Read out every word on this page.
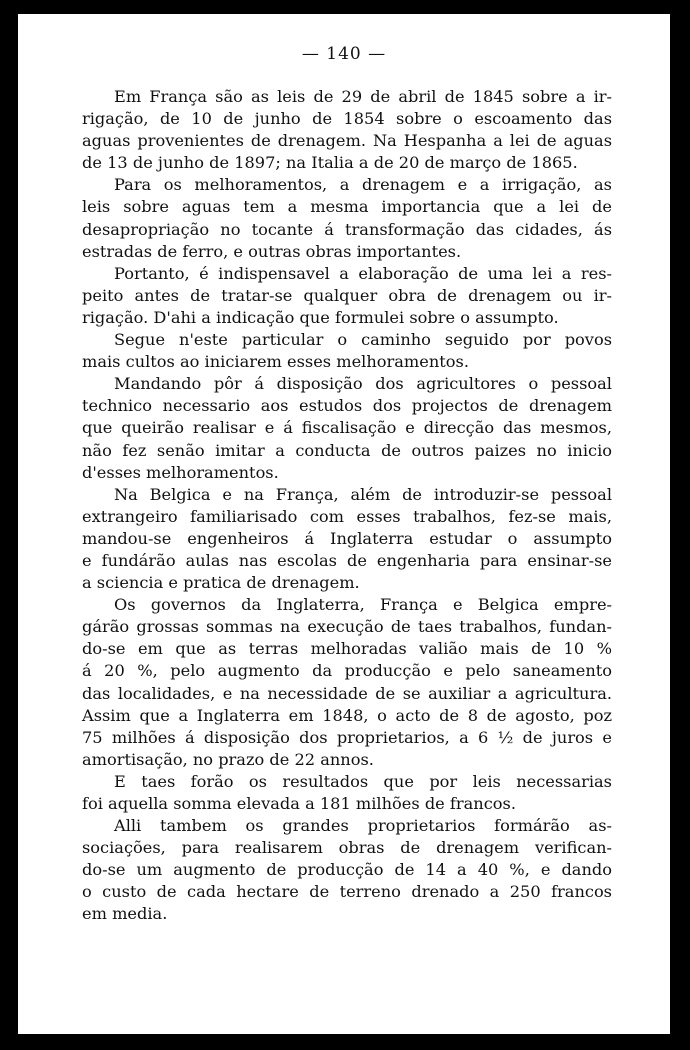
— 140 —
Em França são as leis de 29 de abril de 1845 sobre a ir-
rigação, de 10 de junho de 1854 sobre o escoamento das
aguas provenientes de drenagem. Na Hespanha a lei de aguas
de 13 de junho de 1897; na Italia a de 20 de março de 1865.
Para os melhoramentos, a drenagem e a irrigação, as
leis sobre aguas tem a mesma importancia que a lei de
desapropriação no tocante á transformação das cidades, ás
estradas de ferro, e outras obras importantes.
Portanto, é indispensavel a elaboração de uma lei a res-
peito antes de tratar-se qualquer obra de drenagem ou ir-
rigação. D'ahi a indicação que formulei sobre o assumpto.
Segue n'este particular o caminho seguido por povos
mais cultos ao iniciarem esses melhoramentos.
Mandando pôr á disposição dos agricultores o pessoal
technico necessario aos estudos dos projectos de drenagem
que queirão realisar e á fiscalisação e direcção das mesmos,
não fez senão imitar a conducta de outros paizes no inicio
d'esses melhoramentos.
Na Belgica e na França, além de introduzir-se pessoal
extrangeiro familiarisado com esses trabalhos, fez-se mais,
mandou-se engenheiros á Inglaterra estudar o assumpto
e fundárão aulas nas escolas de engenharia para ensinar-se
a sciencia e pratica de drenagem.
Os governos da Inglaterra, França e Belgica empre-
gárão grossas sommas na execução de taes trabalhos, fundan-
do-se em que as terras melhoradas valião mais de 10 %
á 20 %, pelo augmento da producção e pelo saneamento
das localidades, e na necessidade de se auxiliar a agricultura.
Assim que a Inglaterra em 1848, o acto de 8 de agosto, poz
75 milhões á disposição dos proprietarios, a 6 ½ de juros e
amortisação, no prazo de 22 annos.
E taes forão os resultados que por leis necessarias
foi aquella somma elevada a 181 milhões de francos.
Alli tambem os grandes proprietarios formárão as-
sociações, para realisarem obras de drenagem verifican-
do-se um augmento de producção de 14 a 40 %, e dando
o custo de cada hectare de terreno drenado a 250 francos
em media.
